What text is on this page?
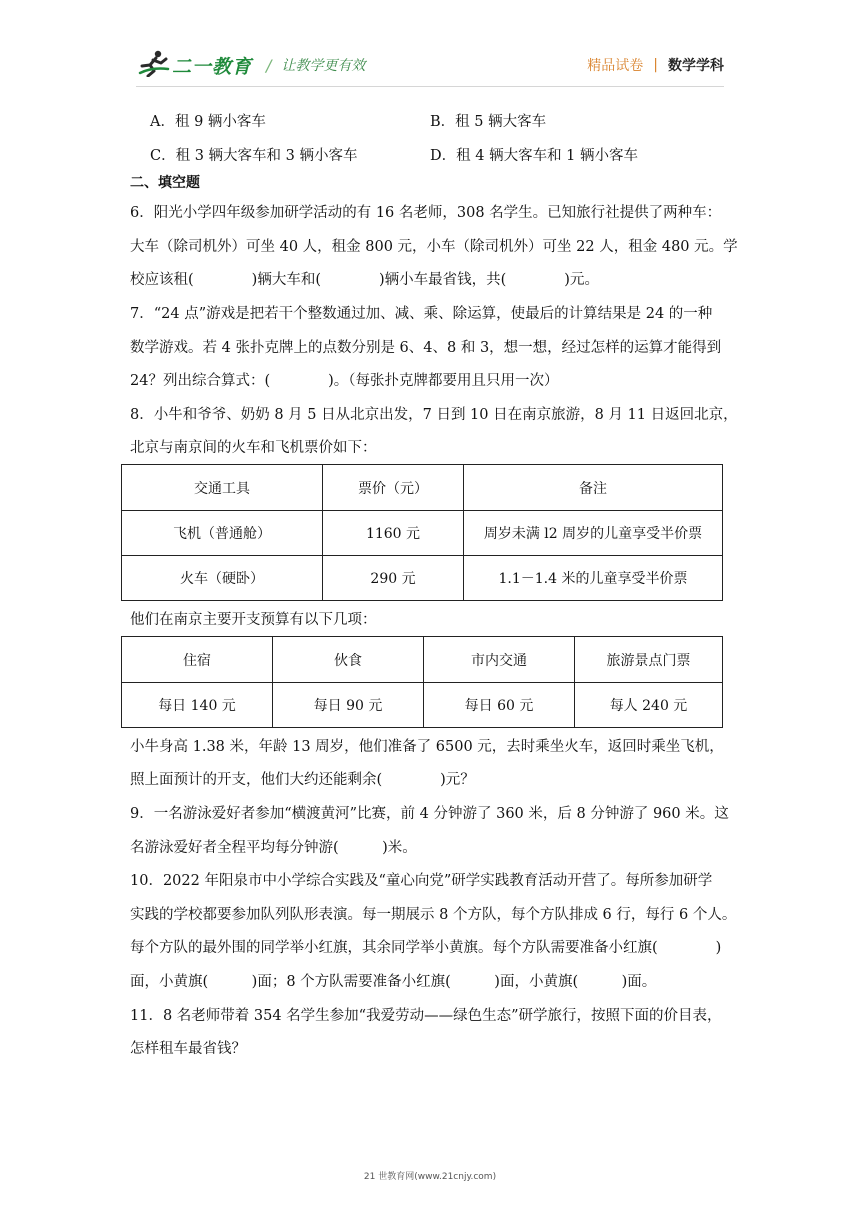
二一教育 / 让教学更有效	精品试卷 | 数学学科
A．租 9 辆小客车	B．租 5 辆大客车
C．租 3 辆大客车和 3 辆小客车	D．租 4 辆大客车和 1 辆小客车
二、填空题
6．阳光小学四年级参加研学活动的有 16 名老师，308 名学生。已知旅行社提供了两种车：
大车（除司机外）可坐 40 人，租金 800 元，小车（除司机外）可坐 22 人，租金 480 元。学
校应该租(　　　　)辆大车和(　　　　)辆小车最省钱，共(　　　　)元。
7．“24 点”游戏是把若干个整数通过加、减、乘、除运算，使最后的计算结果是 24 的一种
数学游戏。若 4 张扑克牌上的点数分别是 6、4、8 和 3，想一想，经过怎样的运算才能得到
24？列出综合算式：(　　　　)。（每张扑克牌都要用且只用一次）
8．小牛和爷爷、奶奶 8 月 5 日从北京出发，7 日到 10 日在南京旅游，8 月 11 日返回北京，
北京与南京间的火车和飞机票价如下：
交通工具	票价（元）	备注
飞机（普通舱）	1160 元	周岁未满 l2 周岁的儿童享受半价票
火车（硬卧）	290 元	1.1－1.4 米的儿童享受半价票
他们在南京主要开支预算有以下几项：
住宿	伙食	市内交通	旅游景点门票
每日 140 元	每日 90 元	每日 60 元	每人 240 元
小牛身高 1.38 米，年龄 13 周岁，他们准备了 6500 元，去时乘坐火车，返回时乘坐飞机，
照上面预计的开支，他们大约还能剩余(　　　　)元？
9．一名游泳爱好者参加“横渡黄河”比赛，前 4 分钟游了 360 米，后 8 分钟游了 960 米。这
名游泳爱好者全程平均每分钟游(　　　)米。
10．2022 年阳泉市中小学综合实践及“童心向党”研学实践教育活动开营了。每所参加研学
实践的学校都要参加队列队形表演。每一期展示 8 个方队，每个方队排成 6 行，每行 6 个人。
每个方队的最外围的同学举小红旗，其余同学举小黄旗。每个方队需要准备小红旗(　　　　)
面，小黄旗(　　　)面；8 个方队需要准备小红旗(　　　)面，小黄旗(　　　)面。
11．8 名老师带着 354 名学生参加“我爱劳动——绿色生态”研学旅行，按照下面的价目表，
怎样租车最省钱？
21 世教育网(www.21cnjy.com)
